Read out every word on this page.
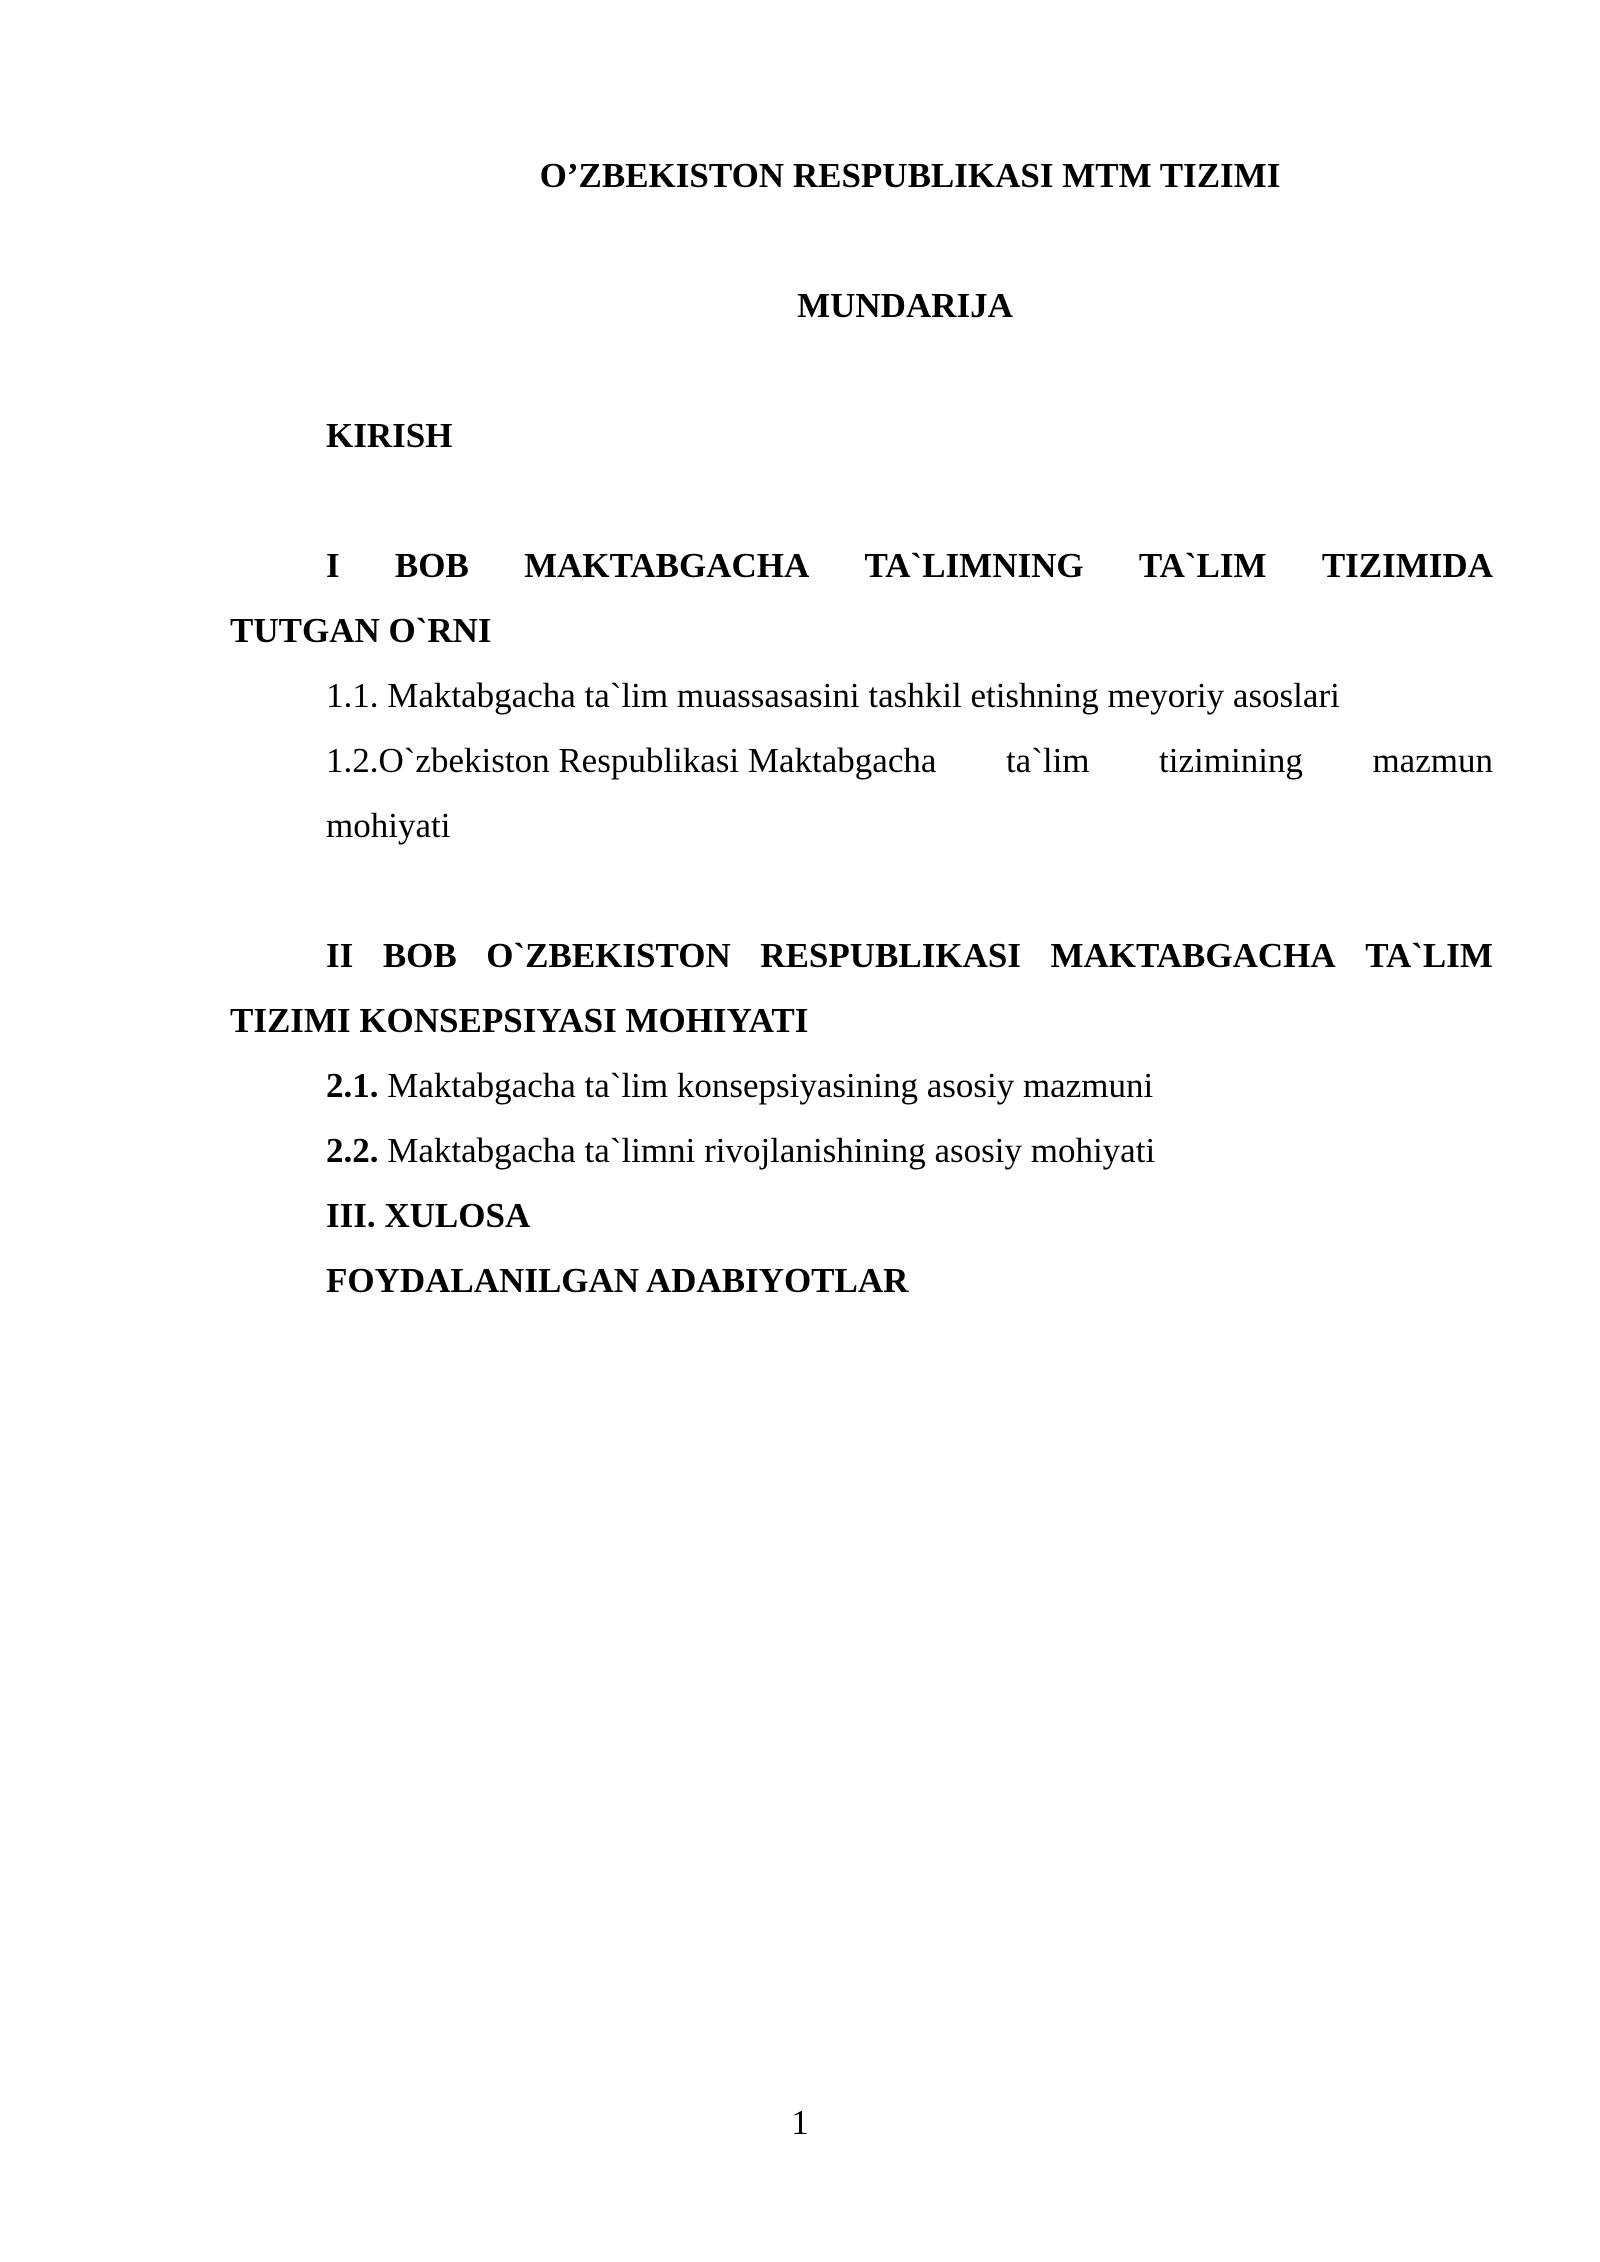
O’ZBEKISTON RESPUBLIKASI MTM TIZIMI
MUNDARIJA
KIRISH
I BOB MAKTABGACHA TA`LIMNING TA`LIM TIZIMIDA
TUTGAN O`RNI
1.1. Maktabgacha ta`lim muassasasini tashkil etishning meyoriy asoslari
1.2.O`zbekiston Respublikasi Maktabgacha ta`lim tizimining mazmun
mohiyati
II BOB O`ZBEKISTON RESPUBLIKASI MAKTABGACHA TA`LIM
TIZIMI KONSEPSIYASI MOHIYATI
2.1. Maktabgacha ta`lim konsepsiyasining asosiy mazmuni
2.2. Maktabgacha ta`limni rivojlanishining asosiy mohiyati
III. XULOSA
FOYDALANILGAN ADABIYOTLAR
1
